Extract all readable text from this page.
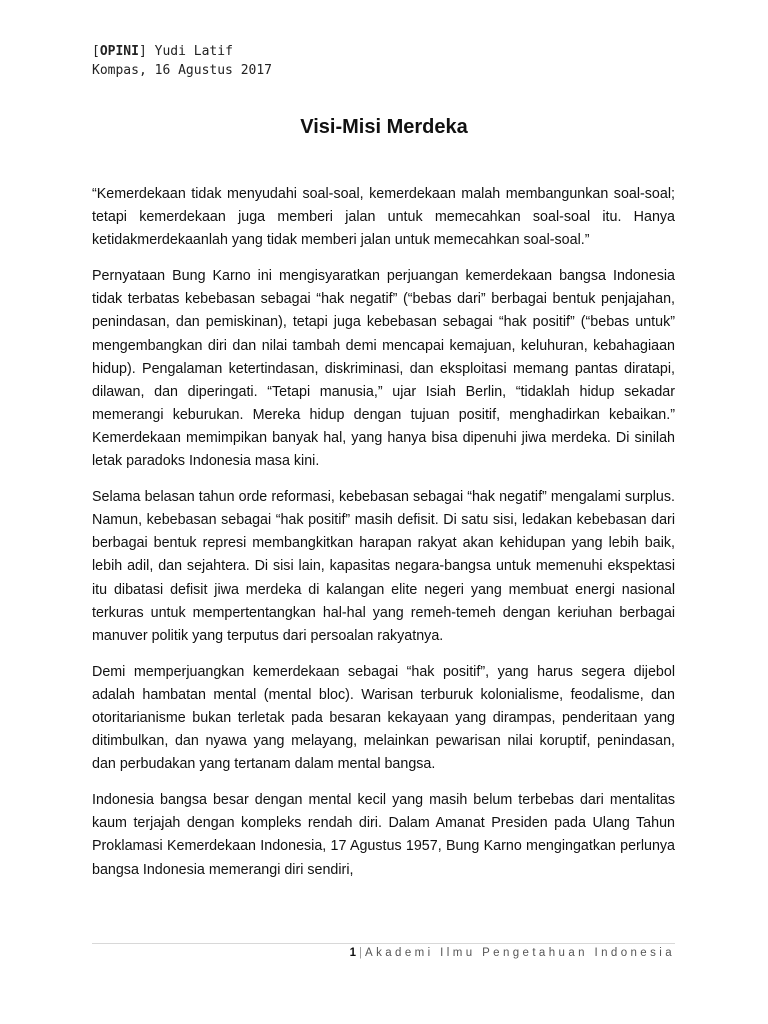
[OPINI] Yudi Latif
Kompas, 16 Agustus 2017
Visi-Misi Merdeka

“Kemerdekaan tidak menyudahi soal-soal, kemerdekaan malah membangunkan soal-soal; tetapi kemerdekaan juga memberi jalan untuk memecahkan soal-soal itu. Hanya ketidakmerdekaanlah yang tidak memberi jalan untuk memecahkan soal-soal.”

Pernyataan Bung Karno ini mengisyaratkan perjuangan kemerdekaan bangsa Indonesia tidak terbatas kebebasan sebagai “hak negatif” (“bebas dari” berbagai bentuk penjajahan, penindasan, dan pemiskinan), tetapi juga kebebasan sebagai “hak positif” (“bebas untuk” mengembangkan diri dan nilai tambah demi mencapai kemajuan, keluhuran, kebahagiaan hidup). Pengalaman ketertindasan, diskriminasi, dan eksploitasi memang pantas diratapi, dilawan, dan diperingati. “Tetapi manusia,” ujar Isiah Berlin, “tidaklah hidup sekadar memerangi keburukan. Mereka hidup dengan tujuan positif, menghadirkan kebaikan.” Kemerdekaan memimpikan banyak hal, yang hanya bisa dipenuhi jiwa merdeka. Di sinilah letak paradoks Indonesia masa kini.

Selama belasan tahun orde reformasi, kebebasan sebagai “hak negatif” mengalami surplus. Namun, kebebasan sebagai “hak positif” masih defisit. Di satu sisi, ledakan kebebasan dari berbagai bentuk represi membangkitkan harapan rakyat akan kehidupan yang lebih baik, lebih adil, dan sejahtera. Di sisi lain, kapasitas negara-bangsa untuk memenuhi ekspektasi itu dibatasi defisit jiwa merdeka di kalangan elite negeri yang membuat energi nasional terkuras untuk mempertentangkan hal-hal yang remeh-temeh dengan keriuhan berbagai manuver politik yang terputus dari persoalan rakyatnya.

Demi memperjuangkan kemerdekaan sebagai “hak positif”, yang harus segera dijebol adalah hambatan mental (mental bloc). Warisan terburuk kolonialisme, feodalisme, dan otoritarianisme bukan terletak pada besaran kekayaan yang dirampas, penderitaan yang ditimbulkan, dan nyawa yang melayang, melainkan pewarisan nilai koruptif, penindasan, dan perbudakan yang tertanam dalam mental bangsa.

Indonesia bangsa besar dengan mental kecil yang masih belum terbebas dari mentalitas kaum terjajah dengan kompleks rendah diri. Dalam Amanat Presiden pada Ulang Tahun Proklamasi Kemerdekaan Indonesia, 17 Agustus 1957, Bung Karno mengingatkan perlunya bangsa Indonesia memerangi diri sendiri,

1 | Akademi Ilmu Pengetahuan Indonesia
